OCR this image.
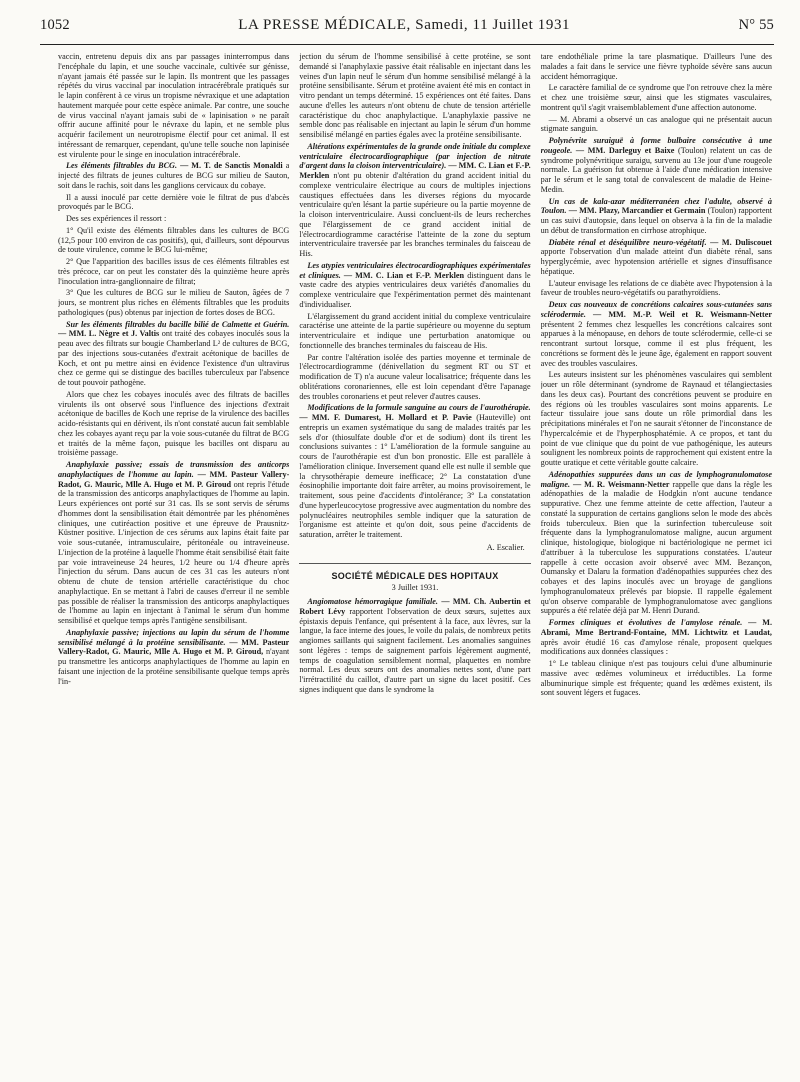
1052	LA PRESSE MÉDICALE, Samedi, 11 Juillet 1931	N° 55

vaccin, entretenu depuis dix ans par passages ininterrompus dans l'encéphale du lapin, et une souche vaccinale, cultivée sur génisse, n'ayant jamais été passée sur le lapin. Ils montrent que les passages répétés du virus vaccinal par inoculation intracérébrale pratiqués sur le lapin confèrent à ce virus un tropisme névraxique et une adaptation hautement marquée pour cette espèce animale. Par contre, une souche de virus vaccinal n'ayant jamais subi de « lapinisation » ne paraît offrir aucune affinité pour le névraxe du lapin, et ne semble plus acquérir facilement un neurotropisme électif pour cet animal. Il est intéressant de remarquer, cependant, qu'une telle souche non lapinisée est virulente pour le singe en inoculation intracérébrale.

Les éléments filtrables du BCG. — M. T. de Sanctis Monaldi a injecté des filtrats de jeunes cultures de BCG sur milieu de Sauton, soit dans le rachis, soit dans les ganglions cervicaux du cobaye.

Il a aussi inoculé par cette dernière voie le filtrat de pus d'abcès provoqués par le BCG.

Des ses expériences il ressort :

1° Qu'il existe des éléments filtrables dans les cultures de BCG (12,5 pour 100 environ de cas positifs), qui, d'ailleurs, sont dépourvus de toute virulence, comme le BCG lui-même;

2° Que l'apparition des bacilles issus de ces éléments filtrables est très précoce, car on peut les constater dès la quinzième heure après l'inoculation intra-ganglionnaire de filtrat;

3° Que les cultures de BCG sur le milieu de Sauton, âgées de 7 jours, se montrent plus riches en éléments filtrables que les produits pathologiques (pus) obtenus par injection de fortes doses de BCG.

Sur les éléments filtrables du bacille bilié de Calmette et Guérin. — MM. L. Nègre et J. Valtis ont traité des cobayes inoculés sous la peau avec des filtrats sur bougie Chamberland L² de cultures de BCG, par des injections sous-cutanées d'extrait acétonique de bacilles de Koch, et ont pu mettre ainsi en évidence l'existence d'un ultravirus chez ce germe qui se distingue des bacilles tuberculeux par l'absence de tout pouvoir pathogène.

Alors que chez les cobayes inoculés avec des filtrats de bacilles virulents ils ont observé sous l'influence des injections d'extrait acétonique de bacilles de Koch une reprise de la virulence des bacilles acido-résistants qui en dérivent, ils n'ont constaté aucun fait semblable chez les cobayes ayant reçu par la voie sous-cutanée du filtrat de BCG et traités de la même façon, puisque les bacilles ont disparu au troisième passage.

Anaphylaxie passive; essais de transmission des anticorps anaphylactiques de l'homme au lapin. — MM. Pasteur Vallery-Radot, G. Mauric, Mlle A. Hugo et M. P. Giroud ont repris l'étude de la transmission des anticorps anaphylactiques de l'homme au lapin. Leurs expériences ont porté sur 31 cas. Ils se sont servis de sérums d'hommes dont la sensibilisation était démontrée par les phénomènes cliniques, une cutiréaction positive et une épreuve de Prausnitz-Küstner positive. L'injection de ces sérums aux lapins était faite par voie sous-cutanée, intramusculaire, péritonéale ou intraveineuse. L'injection de la protéine à laquelle l'homme était sensibilisé était faite par voie intraveineuse 24 heures, 1/2 heure ou 1/4 d'heure après l'injection du sérum. Dans aucun de ces 31 cas les auteurs n'ont obtenu de chute de tension artérielle caractéristique du choc anaphylactique. En se mettant à l'abri de causes d'erreur il ne semble pas possible de réaliser la transmission des anticorps anaphylactiques de l'homme au lapin en injectant à l'animal le sérum d'un homme sensibilisé et quelque temps après l'antigène sensibilisant.
Anaphylaxie passive; injections au lapin du sérum de l'homme sensibilisé mélangé à la protéine sensibilisante. — MM. Pasteur Vallery-Radot, G. Mauric, Mlle A. Hugo et M. P. Giroud, n'ayant pu transmettre les anticorps anaphylactiques de l'homme au lapin en faisant une injection de la protéine sensibilisante quelque temps après l'in-

jection du sérum de l'homme sensibilisé à cette protéine, se sont demandé si l'anaphylaxie passive était réalisable en injectant dans les veines d'un lapin neuf le sérum d'un homme sensibilisé mélangé à la protéine sensibilisante. Sérum et protéine avaient été mis en contact in vitro pendant un temps déterminé. 15 expériences ont été faites. Dans aucune d'elles les auteurs n'ont obtenu de chute de tension artérielle caractéristique du choc anaphylactique. L'anaphylaxie passive ne semble donc pas réalisable en injectant au lapin le sérum d'un homme sensibilisé mélangé en parties égales avec la protéine sensibilisante.

Altérations expérimentales de la grande onde initiale du complexe ventriculaire électrocardiographique (par injection de nitrate d'argent dans la cloison interventriculaire). — MM. C. Lian et F.-P. Merklen n'ont pu obtenir d'altération du grand accident initial du complexe ventriculaire électrique au cours de multiples injections caustiques effectuées dans les diverses régions du myocarde ventriculaire qu'en lésant la partie supérieure ou la partie moyenne de la cloison interventriculaire. Aussi concluent-ils de leurs recherches que l'élargissement de ce grand accident initial de l'électrocardiogramme caractérise l'atteinte de la zone du septum interventriculaire traversée par les branches terminales du faisceau de His.
Les atypies ventriculaires électrocardiographiques expérimentales et cliniques. — MM. C. Lian et F.-P. Merklen distinguent dans le vaste cadre des atypies ventriculaires deux variétés d'anomalies du complexe ventriculaire que l'expérimentation permet dès maintenant d'individualiser.

L'élargissement du grand accident initial du complexe ventriculaire caractérise une atteinte de la partie supérieure ou moyenne du septum interventriculaire et indique une perturbation anatomique ou fonctionnelle des branches terminales du faisceau de His.

Par contre l'altération isolée des parties moyenne et terminale de l'électrocardiogramme (dénivellation du segment RT ou ST et modification de T) n'a aucune valeur localisatrice; fréquente dans les oblitérations coronariennes, elle est loin cependant d'être l'apanage des troubles coronariens et peut relever d'autres causes.

Modifications de la formule sanguine au cours de l'aurothérapie. — MM. F. Dumarest, H. Mollard et P. Pavie (Hauteville) ont entrepris un examen systématique du sang de malades traités par les sels d'or (thiosulfate double d'or et de sodium) dont ils tirent les conclusions suivantes : 1° L'amélioration de la formule sanguine au cours de l'aurothérapie est d'un bon pronostic. Elle est parallèle à l'amélioration clinique. Inversement quand elle est nulle il semble que la chrysothérapie demeure inefficace; 2° La constatation d'une éosinophilie importante doit faire arrêter, au moins provisoirement, le traitement, sous peine d'accidents d'intolérance; 3° La constatation d'une hyperleucocytose progressive avec augmentation du nombre des polynucléaires neutrophiles semble indiquer que la saturation de l'organisme est atteinte et qu'on doit, sous peine d'accidents de saturation, arrêter le traitement.
A. Escalier.
SOCIÉTÉ MÉDICALE DES HOPITAUX
3 Juillet 1931.
Angiomatose hémorragique familiale. — MM. Ch. Aubertin et Robert Lévy rapportent l'observation de deux sœurs, sujettes aux épistaxis depuis l'enfance, qui présentent à la face, aux lèvres, sur la langue, la face interne des joues, le voile du palais, de nombreux petits angiomes saillants qui saignent facilement. Les anomalies sanguines sont légères : temps de saignement parfois légèrement augmenté, temps de coagulation sensiblement normal, plaquettes en nombre normal. Les deux sœurs ont des anomalies nettes sont, d'une part l'irrétractilité du caillot, d'autre part un signe du lacet positif. Ces signes indiquent que dans le syndrome la

tare endothéliale prime la tare plasmatique. D'ailleurs l'une des malades a fait dans le service une fièvre typhoïde sévère sans aucun accident hémorragique.

Le caractère familial de ce syndrome que l'on retrouve chez la mère et chez une troisième sœur, ainsi que les stigmates vasculaires, montrent qu'il s'agit vraisemblablement d'une affection autonome.

— M. Abrami a observé un cas analogue qui ne présentait aucun stigmate sanguin.

Polynévrite suraiguë à forme bulbaire consécutive à une rougeole. — MM. Darleguy et Baixe (Toulon) relatent un cas de syndrome polynévritique suraigu, survenu au 13e jour d'une rougeole normale. La guérison fut obtenue à l'aide d'une médication intensive par le sérum et le sang total de convalescent de maladie de Heine-Medin.
Un cas de kala-azar méditerranéen chez l'adulte, observé à Toulon. — MM. Plazy, Marcandier et Germain (Toulon) rapportent un cas suivi d'autopsie, dans lequel on observa à la fin de la maladie un début de transformation en cirrhose atrophique.
Diabète rénal et déséquilibre neuro-végétatif. — M. Duliscouet apporte l'observation d'un malade atteint d'un diabète rénal, sans hyperglycémie, avec hypotension artérielle et signes d'insuffisance hépatique.

L'auteur envisage les relations de ce diabète avec l'hypotension à la faveur de troubles neuro-végétatifs ou parathyroïdiens.

Deux cas nouveaux de concrétions calcaires sous-cutanées sans sclérodermie. — MM. M.-P. Weil et R. Weismann-Netter présentent 2 femmes chez lesquelles les concrétions calcaires sont apparues à la ménopause, en dehors de toute sclérodermie, celle-ci se rencontrant surtout lorsque, comme il est plus fréquent, les concrétions se forment dès le jeune âge, également en rapport souvent avec des troubles vasculaires.

Les auteurs insistent sur les phénomènes vasculaires qui semblent jouer un rôle déterminant (syndrome de Raynaud et télangiectasies dans les deux cas). Pourtant des concrétions peuvent se produire en des régions où les troubles vasculaires sont moins apparents. Le facteur tissulaire joue sans doute un rôle primordial dans les précipitations minérales et l'on ne saurait s'étonner de l'inconstance de l'hypercalcémie et de l'hyperphosphatémie. A ce propos, et tant du point de vue clinique que du point de vue pathogénique, les auteurs soulignent les nombreux points de rapprochement qui existent entre la goutte uratique et cette véritable goutte calcaire.

Adénopathies suppurées dans un cas de lymphogranulomatose maligne. — M. R. Weismann-Netter rappelle que dans la règle les adénopathies de la maladie de Hodgkin n'ont aucune tendance suppurative. Chez une femme atteinte de cette affection, l'auteur a constaté la suppuration de certains ganglions selon le mode des abcès froids tuberculeux. Bien que la surinfection tuberculeuse soit fréquente dans la lymphogranulomatose maligne, aucun argument clinique, histologique, biologique ni bactériologique ne permet ici d'attribuer à la tuberculose les suppurations constatées. L'auteur rappelle à cette occasion avoir observé avec MM. Bezançon, Oumansky et Dalaru la formation d'adénopathies suppurées chez des cobayes et des lapins inoculés avec un broyage de ganglions lymphogranulomateux prélevés par biopsie. Il rappelle également qu'on observe comparable de lymphogranulomatose avec ganglions suppurés a été relatée déjà par M. Henri Durand.
Formes cliniques et évolutives de l'amylose rénale. — M. Abrami, Mme Bertrand-Fontaine, MM. Lichtwitz et Laudat, après avoir étudié 16 cas d'amylose rénale, proposent quelques modifications aux données classiques :

1° Le tableau clinique n'est pas toujours celui d'une albuminurie massive avec œdèmes volumineux et irréductibles. La forme albuminurique simple est fréquente; quand les œdèmes existent, ils sont souvent légers et fugaces.
